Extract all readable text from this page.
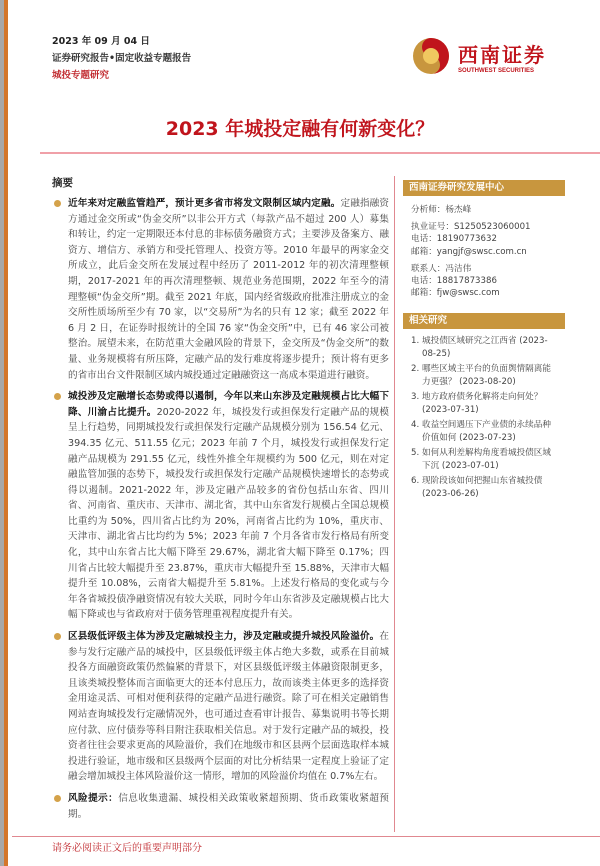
2023 年 09 月 04 日
证券研究报告•固定收益专题报告
城投专题研究
西南证券
SOUTHWEST SECURITIES
2023 年城投定融有何新变化？
摘要
近年来对定融监管趋严，预计更多省市将发文限制区域内定融。定融指融资方通过金交所或“伪金交所”以非公开方式（每款产品不超过 200 人）募集和转让，约定一定期限还本付息的非标债务融资方式；主要涉及备案方、融资方、增信方、承销方和受托管理人、投资方等。2010 年最早的两家金交所成立，此后金交所在发展过程中经历了 2011-2012 年的初次清理整顿期，2017-2021 年的再次清理整顿、规范业务范围期，2022 年至今的清理整顿“伪金交所”期。截至 2021 年底，国内经省级政府批准注册成立的金交所性质场所至少有 70 家，以“交易所”为名的只有 12 家；截至 2022 年 6 月 2 日，在证券时报统计的全国 76 家“伪金交所”中，已有 46 家公司被整治。展望未来，在防范重大金融风险的背景下，金交所及“伪金交所”的数量、业务规模将有所压降，定融产品的发行难度将逐步提升；预计将有更多的省市出台文件限制区域内城投通过定融融资这一高成本渠道进行融资。
城投涉及定融增长态势或得以遏制，今年以来山东涉及定融规模占比大幅下降、川渝占比提升。2020-2022 年，城投发行或担保发行定融产品的规模呈上行趋势，同期城投发行或担保发行定融产品规模分别为 156.54 亿元、394.35 亿元、511.55 亿元；2023 年前 7 个月，城投发行或担保发行定融产品规模为 291.55 亿元，线性外推全年规模约为 500 亿元，则在对定融监管加强的态势下，城投发行或担保发行定融产品规模快速增长的态势或得以遏制。2021-2022 年，涉及定融产品较多的省份包括山东省、四川省、河南省、重庆市、天津市、湖北省，其中山东省发行规模占全国总规模比重约为 50%，四川省占比约为 20%，河南省占比约为 10%，重庆市、天津市、湖北省占比均约为 5%；2023 年前 7 个月各省市发行格局有所变化，其中山东省占比大幅下降至 29.67%，湖北省大幅下降至 0.17%；四川省占比较大幅提升至 23.87%，重庆市大幅提升至 15.88%，天津市大幅提升至 10.08%，云南省大幅提升至 5.81%。上述发行格局的变化或与今年各省城投债净融资情况有较大关联，同时今年山东省涉及定融规模占比大幅下降或也与省政府对于债务管理重视程度提升有关。
区县级低评级主体为涉及定融城投主力，涉及定融或提升城投风险溢价。在参与发行定融产品的城投中，区县级低评级主体占绝大多数，或系在目前城投各方面融资政策仍然偏紧的背景下，对区县级低评级主体融资限制更多，且该类城投整体而言面临更大的还本付息压力，故而该类主体更多的选择资金用途灵活、可相对便利获得的定融产品进行融资。除了可在相关定融销售网站查询城投发行定融情况外，也可通过查看审计报告、募集说明书等长期应付款、应付债券等科目附注获取相关信息。对于发行定融产品的城投，投资者往往会要求更高的风险溢价，我们在地级市和区县两个层面选取样本城投进行验证，地市级和区县级两个层面的对比分析结果一定程度上验证了定融会增加城投主体风险溢价这一情形，增加的风险溢价均值在 0.7%左右。
风险提示：信息收集遗漏、城投相关政策收紧超预期、货币政策收紧超预期。
请务必阅读正文后的重要声明部分
西南证券研究发展中心
分析师：杨杰峰
执业证号：S1250523060001
电话：18190773632
邮箱：yangjf@swsc.com.cn
联系人：冯洁伟
电话：18817873386
邮箱：fjw@swsc.com
相关研究
1. 城投债区域研究之江西省 (2023-08-25)
2. 哪些区域主平台的负面舆情隔离能力更强？ (2023-08-20)
3. 地方政府债务化解将走向何处？ (2023-07-31)
4. 收益空间遇压下产业债的永续品种价值如何 (2023-07-23)
5. 如何从利差解构角度看城投债区域下沉 (2023-07-01)
6. 现阶段该如何把握山东省城投债 (2023-06-26)
